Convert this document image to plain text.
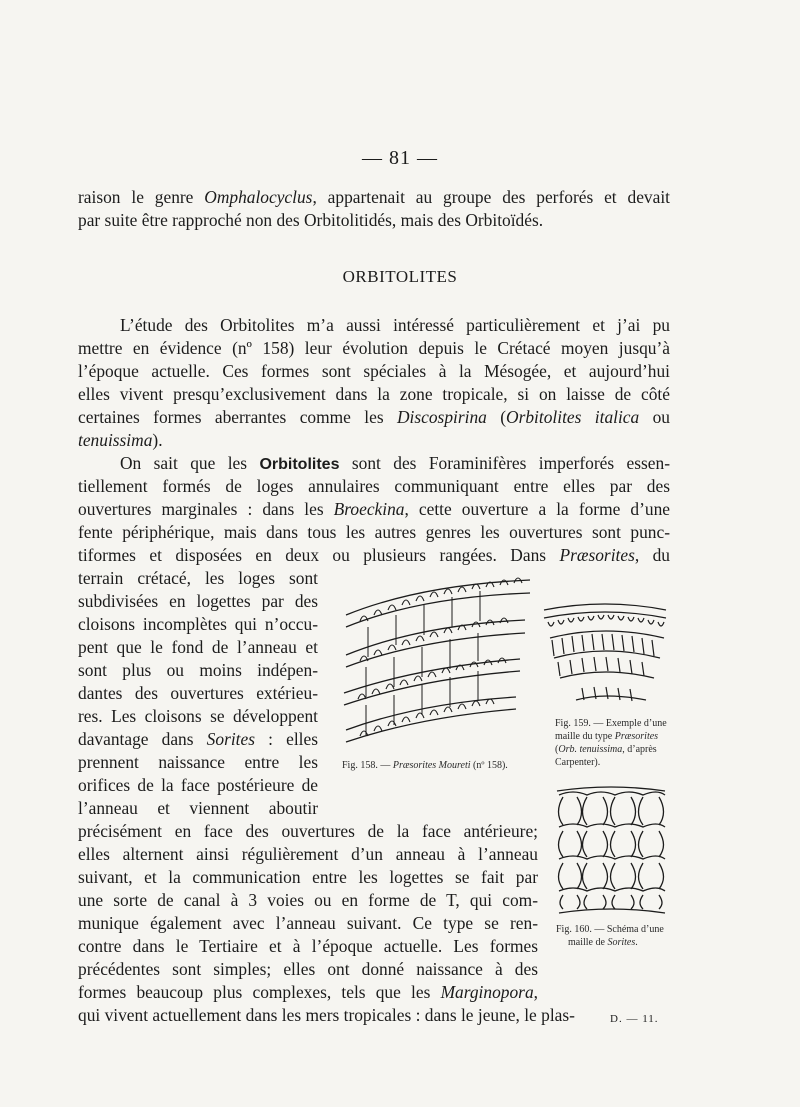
— 81 —
raison le genre Omphalocyclus, appartenait au groupe des perforés et devait
par suite être rapproché non des Orbitolitidés, mais des Orbitoïdés.
ORBITOLITES
L’étude des Orbitolites m’a aussi intéressé particulièrement et j’ai pu
mettre en évidence (nº 158) leur évolution depuis le Crétacé moyen jusqu’à
l’époque actuelle. Ces formes sont spéciales à la Mésogée, et aujourd’hui
elles vivent presqu’exclusivement dans la zone tropicale, si on laisse de côté
certaines formes aberrantes comme les Discospirina (Orbitolites italica ou
tenuissima).
On sait que les Orbitolites sont des Foraminifères imperforés essen-
tiellement formés de loges annulaires communiquant entre elles par des
ouvertures marginales : dans les Broeckina, cette ouverture a la forme d’une
fente périphérique, mais dans tous les autres genres les ouvertures sont punc-
tiformes et disposées en deux ou plusieurs rangées. Dans Præsorites, du
terrain crétacé, les loges sont
subdivisées en logettes par des
cloisons incomplètes qui n’occu-
pent que le fond de l’anneau et
sont plus ou moins indépen-
dantes des ouvertures extérieu-
res. Les cloisons se développent
davantage dans Sorites : elles
prennent naissance entre les
orifices de la face postérieure de
l’anneau et viennent aboutir
précisément en face des ouvertures de la face antérieure;
elles alternent ainsi régulièrement d’un anneau à l’anneau
suivant, et la communication entre les logettes se fait par
une sorte de canal à 3 voies ou en forme de T, qui com-
munique également avec l’anneau suivant. Ce type se ren-
contre dans le Tertiaire et à l’époque actuelle. Les formes
précédentes sont simples; elles ont donné naissance à des
formes beaucoup plus complexes, tels que les Marginopora,
qui vivent actuellement dans les mers tropicales : dans le jeune, le plas-
Fig. 158. — Præsorites Moureti (nº 158).
Fig. 159. — Exemple d’une
maille du type Præsorites
(Orb. tenuissima, d’après
Carpenter).
Fig. 160. — Schéma d’une
maille de Sorites.
D. — 11.
